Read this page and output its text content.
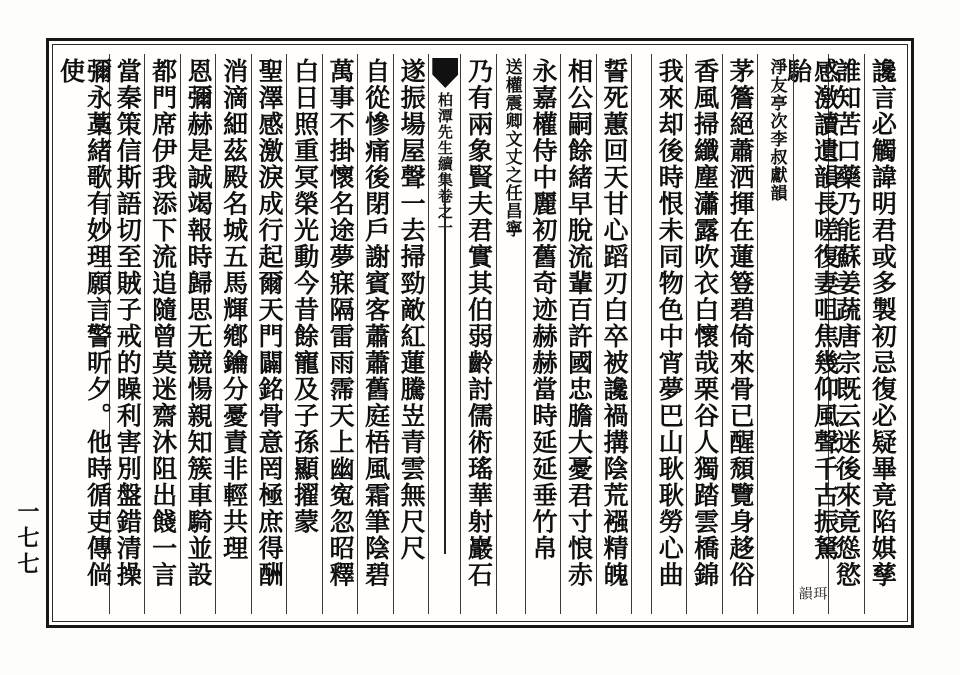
讒言必觸諱明君或多製初忌復必疑畢竟陷娸孳
誰知苦口藥乃能蘇姜蔬唐宗既云迷後來竟慫慾
感激讀遺韻長嗟復妻咀焦幾仰風聲千古振駑駘
珥韻
淨友亭次李叔獻韻
茅簷絕蕭洒揮在蓮簦碧倚來骨已醒頹覽身趍俗
香風掃纖塵瀟露吹衣白懷哉栗谷人獨踏雲橋錦
我來却後時恨未同物色中宵夢巴山耿耿勞心曲
誓死蕙回天甘心蹈刃白卒被讒禍搆陰荒襁精魄
相公嗣餘緒早脫流輩百許國忠膽大憂君寸悢赤
永嘉權侍中麗初舊奇迹赫赫當時延延垂竹帛
送權震卿文丈之任昌寧
乃有兩象賢夫君實其伯弱齡討儒術瑤華射巖石
柏潭先生續集卷之一
遂振場屋聲一去掃勁敵紅蓮騰岦青雲無尺尺
自從慘痛後閉戶謝賓客蕭蕭舊庭梧風霜筆陰碧
萬事不掛懷名途夢寐隔雷雨霈天上幽寃忽昭釋
白日照重冥榮光動今昔餘寵及子孫顯擢蒙
聖澤感激淚成行起爾天門闢銘骨意罔極庶得酬
消滴細茲殿名城五馬輝鄕鑰分憂責非輕共理
恩彌赫是誠竭報時歸思无競愓親知簇車騎並設
都門席伊我添下流追隨曾莫迷齋沐阻出餞一言
當秦策信斯語切至賊子戒的矂利害別盤錯清操
彌永藁緒歌有妙理願言警昕夕。他時循吏傳倘使
一七七
